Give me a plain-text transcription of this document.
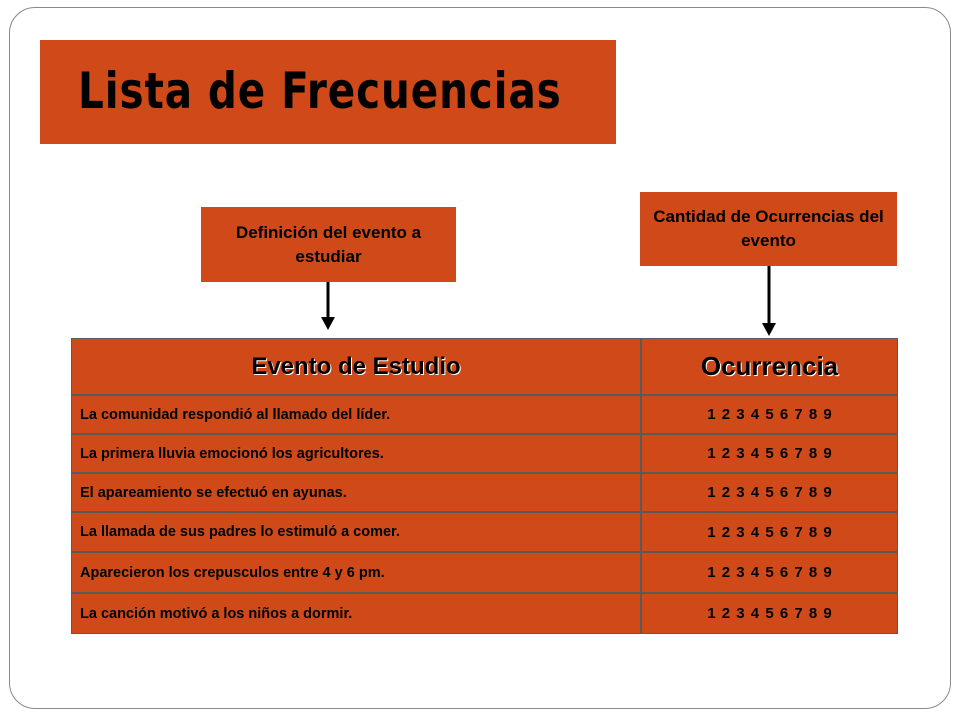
Lista de Frecuencias
Definición del evento a estudiar
Cantidad de Ocurrencias del evento
Evento de Estudio	Ocurrencia
La comunidad respondió al llamado del líder.	1 2 3 4 5 6 7 8 9
La primera lluvia emocionó los agricultores.	1 2 3 4 5 6 7 8 9
El apareamiento se efectuó en ayunas.	1 2 3 4 5 6 7 8 9
La llamada de sus padres lo estimuló a comer.	1 2 3 4 5 6 7 8 9
Aparecieron los crepusculos entre 4 y 6 pm.	1 2 3 4 5 6 7 8 9
La canción motivó a los niños a dormir.	1 2 3 4 5 6 7 8 9
